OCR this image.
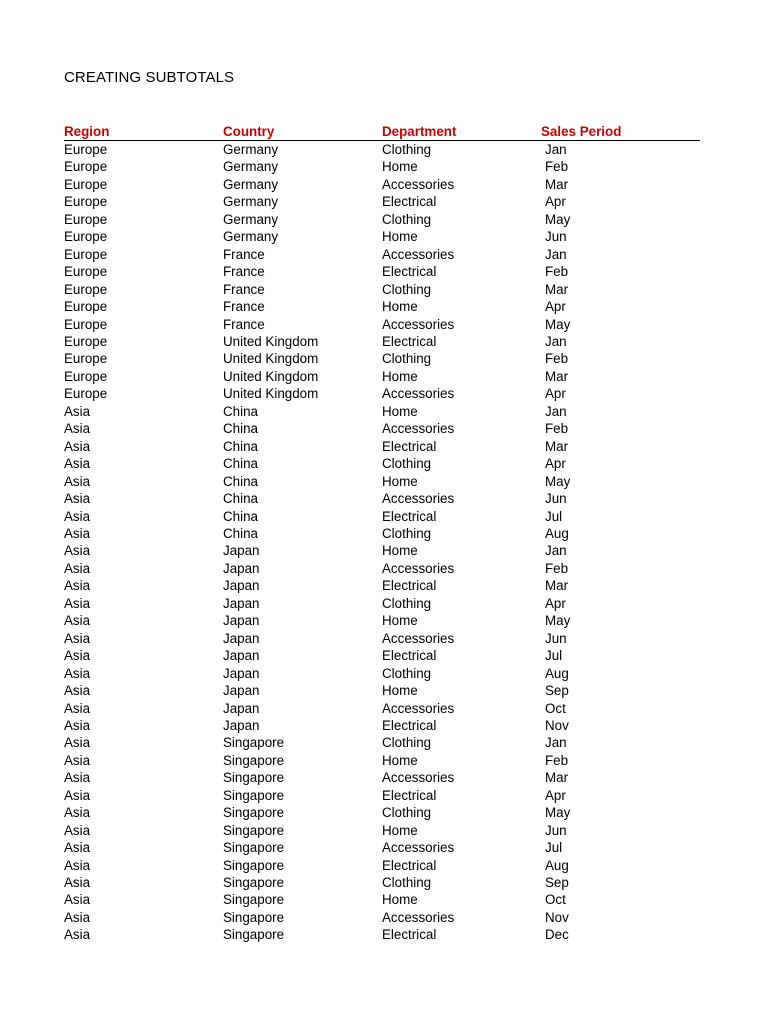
CREATING SUBTOTALS
Region	Country	Department	Sales Period
Europe	Germany	Clothing	Jan
Europe	Germany	Home	Feb
Europe	Germany	Accessories	Mar
Europe	Germany	Electrical	Apr
Europe	Germany	Clothing	May
Europe	Germany	Home	Jun
Europe	France	Accessories	Jan
Europe	France	Electrical	Feb
Europe	France	Clothing	Mar
Europe	France	Home	Apr
Europe	France	Accessories	May
Europe	United Kingdom	Electrical	Jan
Europe	United Kingdom	Clothing	Feb
Europe	United Kingdom	Home	Mar
Europe	United Kingdom	Accessories	Apr
Asia	China	Home	Jan
Asia	China	Accessories	Feb
Asia	China	Electrical	Mar
Asia	China	Clothing	Apr
Asia	China	Home	May
Asia	China	Accessories	Jun
Asia	China	Electrical	Jul
Asia	China	Clothing	Aug
Asia	Japan	Home	Jan
Asia	Japan	Accessories	Feb
Asia	Japan	Electrical	Mar
Asia	Japan	Clothing	Apr
Asia	Japan	Home	May
Asia	Japan	Accessories	Jun
Asia	Japan	Electrical	Jul
Asia	Japan	Clothing	Aug
Asia	Japan	Home	Sep
Asia	Japan	Accessories	Oct
Asia	Japan	Electrical	Nov
Asia	Singapore	Clothing	Jan
Asia	Singapore	Home	Feb
Asia	Singapore	Accessories	Mar
Asia	Singapore	Electrical	Apr
Asia	Singapore	Clothing	May
Asia	Singapore	Home	Jun
Asia	Singapore	Accessories	Jul
Asia	Singapore	Electrical	Aug
Asia	Singapore	Clothing	Sep
Asia	Singapore	Home	Oct
Asia	Singapore	Accessories	Nov
Asia	Singapore	Electrical	Dec
